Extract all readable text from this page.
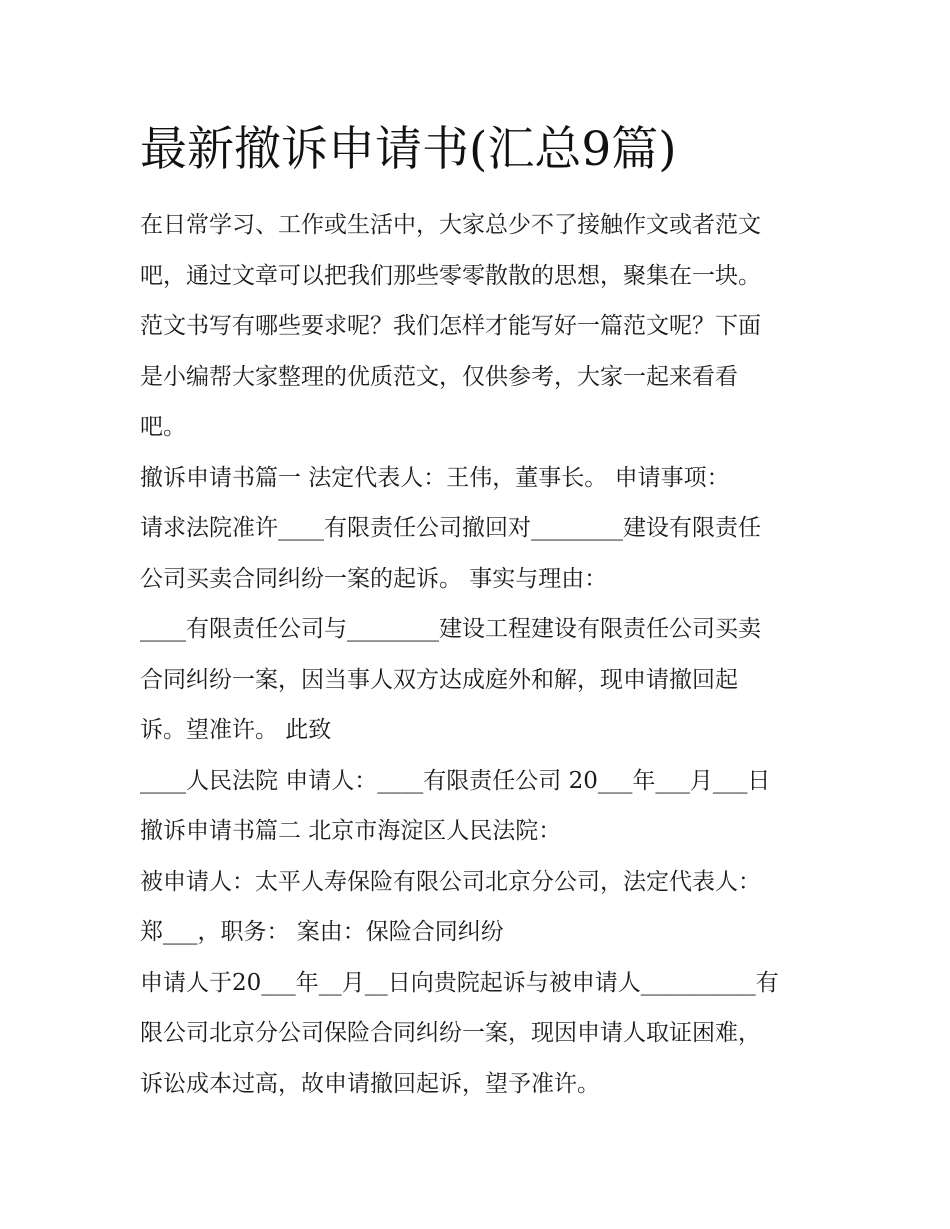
最新撤诉申请书(汇总9篇)
在日常学习、工作或生活中，大家总少不了接触作文或者范文
吧，通过文章可以把我们那些零零散散的思想，聚集在一块。
范文书写有哪些要求呢？我们怎样才能写好一篇范文呢？下面
是小编帮大家整理的优质范文，仅供参考，大家一起来看看
吧。
撤诉申请书篇一 法定代表人：王伟，董事长。 申请事项：
请求法院准许____有限责任公司撤回对________建设有限责任
公司买卖合同纠纷一案的起诉。 事实与理由：
____有限责任公司与________建设工程建设有限责任公司买卖
合同纠纷一案，因当事人双方达成庭外和解，现申请撤回起
诉。望准许。 此致
____人民法院 申请人：____有限责任公司 20___年___月___日
撤诉申请书篇二 北京市海淀区人民法院：
被申请人：太平人寿保险有限公司北京分公司，法定代表人：
郑___，职务： 案由：保险合同纠纷
申请人于20___年__月__日向贵院起诉与被申请人__________有
限公司北京分公司保险合同纠纷一案，现因申请人取证困难，
诉讼成本过高，故申请撤回起诉，望予准许。
